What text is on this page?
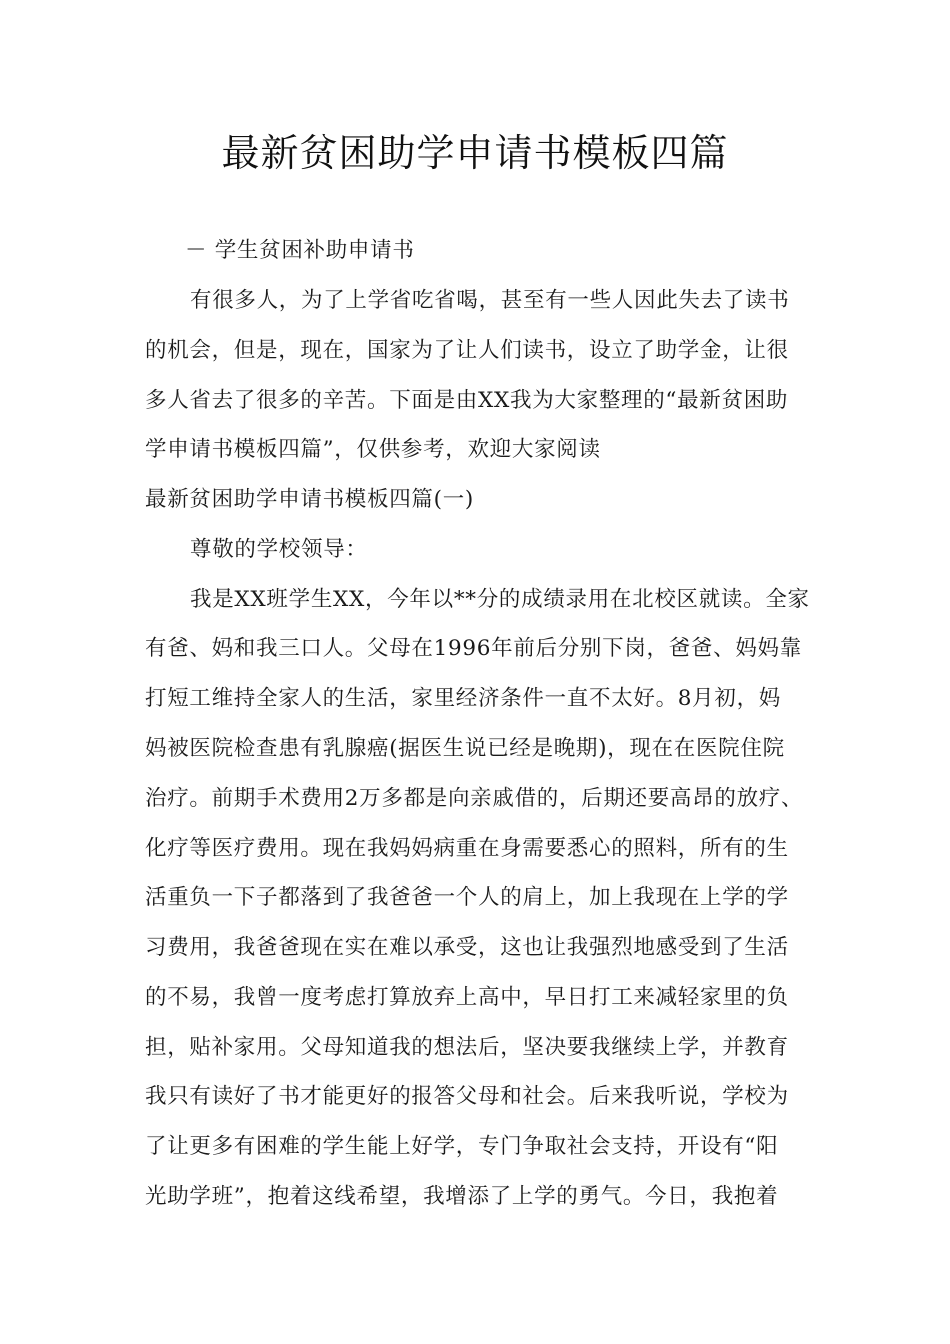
最新贫困助学申请书模板四篇
－ 学生贫困补助申请书
有很多人，为了上学省吃省喝，甚至有一些人因此失去了读书
的机会，但是，现在，国家为了让人们读书，设立了助学金，让很
多人省去了很多的辛苦。下面是由XX我为大家整理的“最新贫困助
学申请书模板四篇”，仅供参考，欢迎大家阅读
最新贫困助学申请书模板四篇(一)
尊敬的学校领导：
我是XX班学生XX，今年以**分的成绩录用在北校区就读。全家
有爸、妈和我三口人。父母在1996年前后分别下岗，爸爸、妈妈靠
打短工维持全家人的生活，家里经济条件一直不太好。8月初，妈
妈被医院检查患有乳腺癌(据医生说已经是晚期)，现在在医院住院
治疗。前期手术费用2万多都是向亲戚借的，后期还要高昂的放疗、
化疗等医疗费用。现在我妈妈病重在身需要悉心的照料，所有的生
活重负一下子都落到了我爸爸一个人的肩上，加上我现在上学的学
习费用，我爸爸现在实在难以承受，这也让我强烈地感受到了生活
的不易，我曾一度考虑打算放弃上高中，早日打工来减轻家里的负
担，贴补家用。父母知道我的想法后，坚决要我继续上学，并教育
我只有读好了书才能更好的报答父母和社会。后来我听说，学校为
了让更多有困难的学生能上好学，专门争取社会支持，开设有“阳
光助学班”，抱着这线希望，我增添了上学的勇气。今日，我抱着
